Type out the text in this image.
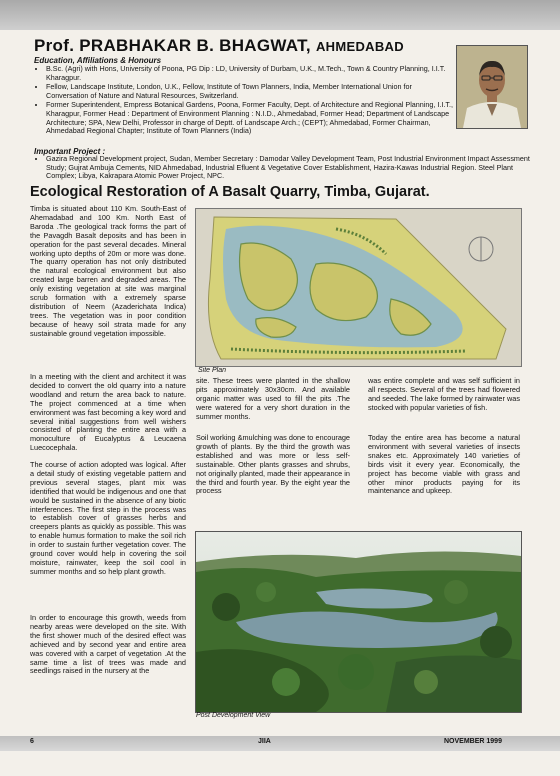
Prof. PRABHAKAR B. BHAGWAT, AHMEDABAD
Education, Affiliations & Honours
• B.Sc. (Agri) with Hons, University of Poona, PG Dip : LD, University of Durbam, U.K., M.Tech., Town & Country Planning, I.I.T. Kharagpur.
• Fellow, Landscape Institute, London, U.K., Fellow, Institute of Town Planners, India, Member International Union for Conversation of Nature and Natural Resources, Switzerland.
• Former Superintendent, Empress Botanical Gardens, Poona, Former Faculty, Dept. of Architecture and Regional Planning, I.I.T., Kharagpur, Former Head : Department of Environment Planning : N.I.D., Ahmedabad, Former Head; Department of Landscape Architecture; SPA, New Delhi, Professor in charge of Deptt. of Landscape Arch.; (CEPT); Ahmedabad, Former Chairman, Ahmedabad Regional Chapter; Institute of Town Planners (India)
Important Project :
• Gazira Regional Development project, Sudan, Member Secretary : Damodar Valley Development Team, Post Industrial Environment Impact Assessment Study; Gujrat Ambuja Cements, NID Ahmedabad, Industrial Efluent & Vegetative Cover Establishment, Hazira-Kawas Industrial Region. Steel Plant Complex; Libya, Kakrapara Atomic Power Project, NPC.
Ecological Restoration of A Basalt Quarry, Timba, Gujarat.

Timba is situated about 110 Km. South-East of Ahemadabad and 100 Km. North East of Baroda .The geological track forms the part of the Pavagdh Basalt deposits and has been in operation for the past several decades. Mineral working upto depths of 20m or more was done. The quarry operation has not only distributed the natural ecological environment but also created large barren and degraded areas. The only existing vegetation at site was marginal scrub formation with a extremely sparse distribution of Neem (Azaderichata Indica) trees. The vegetation was in poor condition because of heavy soil strata made for any sustainable ground vegetation impossible.

In a meeting with the client and architect it was decided to convert the old quarry into a nature woodland and return the area back to nature. The project commenced at a time when environment was fast becoming a key word and several initial suggestions from well wishers consisted of planting the entire area with a monoculture of Eucalyptus & Leucaena Luecocephala.

The course of action adopted was logical. After a detail study of existing vegetable pattern and previous several stages, plant mix was identified that would be indigenous and one that would be sustained in the absence of any biotic interferences. The first step in the process was to establish cover of grasses herbs and creepers plants as quickly as possible. This was to enable humus formation to make the soil rich in order to sustain further vegetation cover. The ground cover would help in covering the soil moisture, rainwater, keep the soil cool in summer months and so help plant growth.

In order to encourage this growth, weeds from nearby areas were developed on the site. With the first shower much of the desired effect was achieved and by second year and entire area was covered with a carpet of vegetation .At the same time a list of trees was made and seedlings raised in the nursery at the

Site Plan

site. These trees were planted in the shallow pits approximately 30x30cm. And available organic matter was used to fill the pits .The were watered for a very short duration in the summer months.

Soil working &mulching was done to encourage growth of plants. By the third the growth was established and was more or less self-sustainable. Other plants grasses and shrubs, not originally planted, made their appearance in the third and fourth year. By the eight year the process

was entire complete and was self sufficient in all respects. Several of the trees had flowered and seeded. The lake formed by rainwater was stocked with popular varieties of fish.

Today the entire area has become a natural environment with several varieties of insects snakes etc. Approximately 140 varieties of birds visit it every year. Economically, the project has become viable with grass and other minor products paying for its maintenance and upkeep.

Post Development View
6	JIIA	NOVEMBER 1999
